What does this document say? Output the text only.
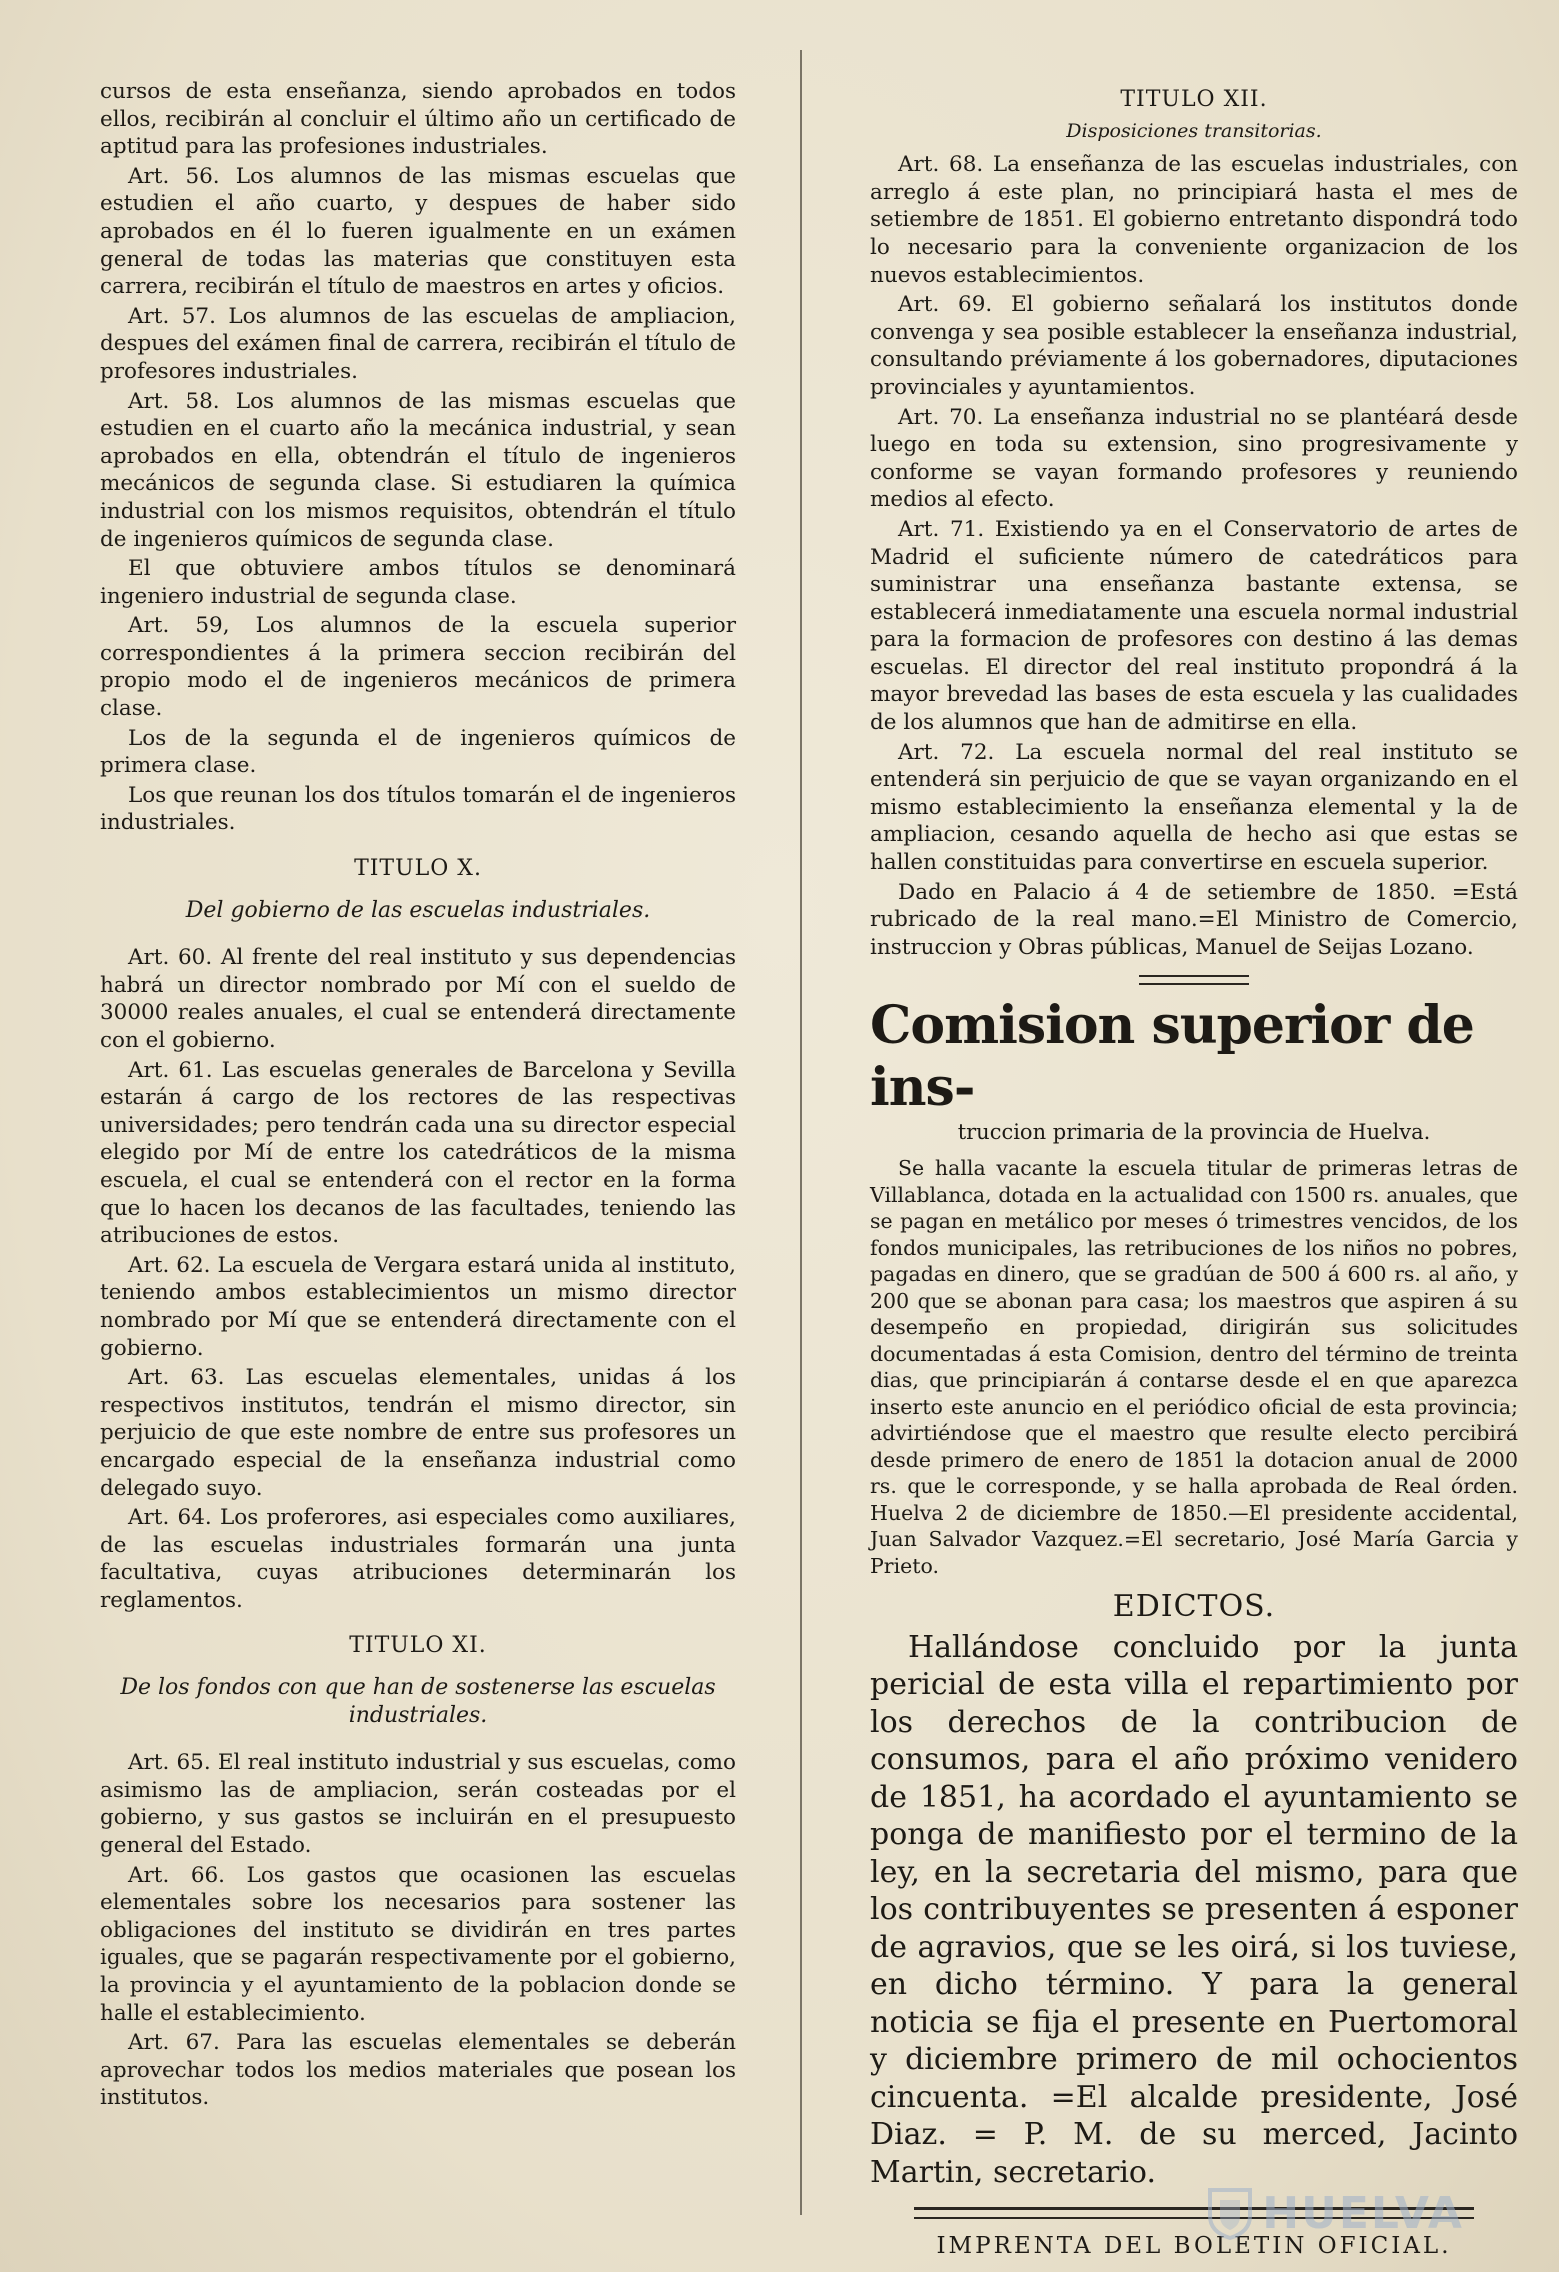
cursos de esta enseñanza, siendo aprobados en todos ellos, recibirán al concluir el último año un certificado de aptitud para las profesiones industriales.

Art. 56. Los alumnos de las mismas escuelas que estudien el año cuarto, y despues de haber sido aprobados en él lo fueren igualmente en un exámen general de todas las materias que constituyen esta carrera, recibirán el título de maestros en artes y oficios.

Art. 57. Los alumnos de las escuelas de ampliacion, despues del exámen final de carrera, recibirán el título de profesores industriales.

Art. 58. Los alumnos de las mismas escuelas que estudien en el cuarto año la mecánica industrial, y sean aprobados en ella, obtendrán el título de ingenieros mecánicos de segunda clase. Si estudiaren la química industrial con los mismos requisitos, obtendrán el título de ingenieros químicos de segunda clase.

El que obtuviere ambos títulos se denominará ingeniero industrial de segunda clase.

Art. 59, Los alumnos de la escuela superior correspondientes á la primera seccion recibirán del propio modo el de ingenieros mecánicos de primera clase.

Los de la segunda el de ingenieros químicos de primera clase.

Los que reunan los dos títulos tomarán el de ingenieros industriales.

TITULO X.
Del gobierno de las escuelas industriales.

Art. 60. Al frente del real instituto y sus dependencias habrá un director nombrado por Mí con el sueldo de 30000 reales anuales, el cual se entenderá directamente con el gobierno.

Art. 61. Las escuelas generales de Barcelona y Sevilla estarán á cargo de los rectores de las respectivas universidades; pero tendrán cada una su director especial elegido por Mí de entre los catedráticos de la misma escuela, el cual se entenderá con el rector en la forma que lo hacen los decanos de las facultades, teniendo las atribuciones de estos.

Art. 62. La escuela de Vergara estará unida al instituto, teniendo ambos establecimientos un mismo director nombrado por Mí que se entenderá directamente con el gobierno.

Art. 63. Las escuelas elementales, unidas á los respectivos institutos, tendrán el mismo director, sin perjuicio de que este nombre de entre sus profesores un encargado especial de la enseñanza industrial como delegado suyo.

Art. 64. Los proferores, asi especiales como auxiliares, de las escuelas industriales formarán una junta facultativa, cuyas atribuciones determinarán los reglamentos.

TITULO XI.
De los fondos con que han de sostenerse las escuelas industriales.

Art. 65. El real instituto industrial y sus escuelas, como asimismo las de ampliacion, serán costeadas por el gobierno, y sus gastos se incluirán en el presupuesto general del Estado.

Art. 66. Los gastos que ocasionen las escuelas elementales sobre los necesarios para sostener las obligaciones del instituto se dividirán en tres partes iguales, que se pagarán respectivamente por el gobierno, la provincia y el ayuntamiento de la poblacion donde se halle el establecimiento.

Art. 67. Para las escuelas elementales se deberán aprovechar todos los medios materiales que posean los institutos.

TITULO XII.
Disposiciones transitorias.

Art. 68. La enseñanza de las escuelas industriales, con arreglo á este plan, no principiará hasta el mes de setiembre de 1851. El gobierno entretanto dispondrá todo lo necesario para la conveniente organizacion de los nuevos establecimientos.

Art. 69. El gobierno señalará los institutos donde convenga y sea posible establecer la enseñanza industrial, consultando préviamente á los gobernadores, diputaciones provinciales y ayuntamientos.

Art. 70. La enseñanza industrial no se plantéará desde luego en toda su extension, sino progresivamente y conforme se vayan formando profesores y reuniendo medios al efecto.

Art. 71. Existiendo ya en el Conservatorio de artes de Madrid el suficiente número de catedráticos para suministrar una enseñanza bastante extensa, se establecerá inmediatamente una escuela normal industrial para la formacion de profesores con destino á las demas escuelas. El director del real instituto propondrá á la mayor brevedad las bases de esta escuela y las cualidades de los alumnos que han de admitirse en ella.

Art. 72. La escuela normal del real instituto se entenderá sin perjuicio de que se vayan organizando en el mismo establecimiento la enseñanza elemental y la de ampliacion, cesando aquella de hecho asi que estas se hallen constituidas para convertirse en escuela superior.

Dado en Palacio á 4 de setiembre de 1850. =Está rubricado de la real mano.=El Ministro de Comercio, instruccion y Obras públicas, Manuel de Seijas Lozano.

Comision superior de ins-
truccion primaria de la provincia de Huelva.

Se halla vacante la escuela titular de primeras letras de Villablanca, dotada en la actualidad con 1500 rs. anuales, que se pagan en metálico por meses ó trimestres vencidos, de los fondos municipales, las retribuciones de los niños no pobres, pagadas en dinero, que se gradúan de 500 á 600 rs. al año, y 200 que se abonan para casa; los maestros que aspiren á su desempeño en propiedad, dirigirán sus solicitudes documentadas á esta Comision, dentro del término de treinta dias, que principiarán á contarse desde el en que aparezca inserto este anuncio en el periódico oficial de esta provincia; advirtiéndose que el maestro que resulte electo percibirá desde primero de enero de 1851 la dotacion anual de 2000 rs. que le corresponde, y se halla aprobada de Real órden. Huelva 2 de diciembre de 1850.—El presidente accidental, Juan Salvador Vazquez.=El secretario, José María Garcia y Prieto.

EDICTOS.

Hallándose concluido por la junta pericial de esta villa el repartimiento por los derechos de la contribucion de consumos, para el año próximo venidero de 1851, ha acordado el ayuntamiento se ponga de manifiesto por el termino de la ley, en la secretaria del mismo, para que los contribuyentes se presenten á esponer de agravios, que se les oirá, si los tuviese, en dicho término. Y para la general noticia se fija el presente en Puertomoral y diciembre primero de mil ochocientos cincuenta. =El alcalde presidente, José Diaz. = P. M. de su merced, Jacinto Martin, secretario.

IMPRENTA DEL BOLETIN OFICIAL.
HUELVA
